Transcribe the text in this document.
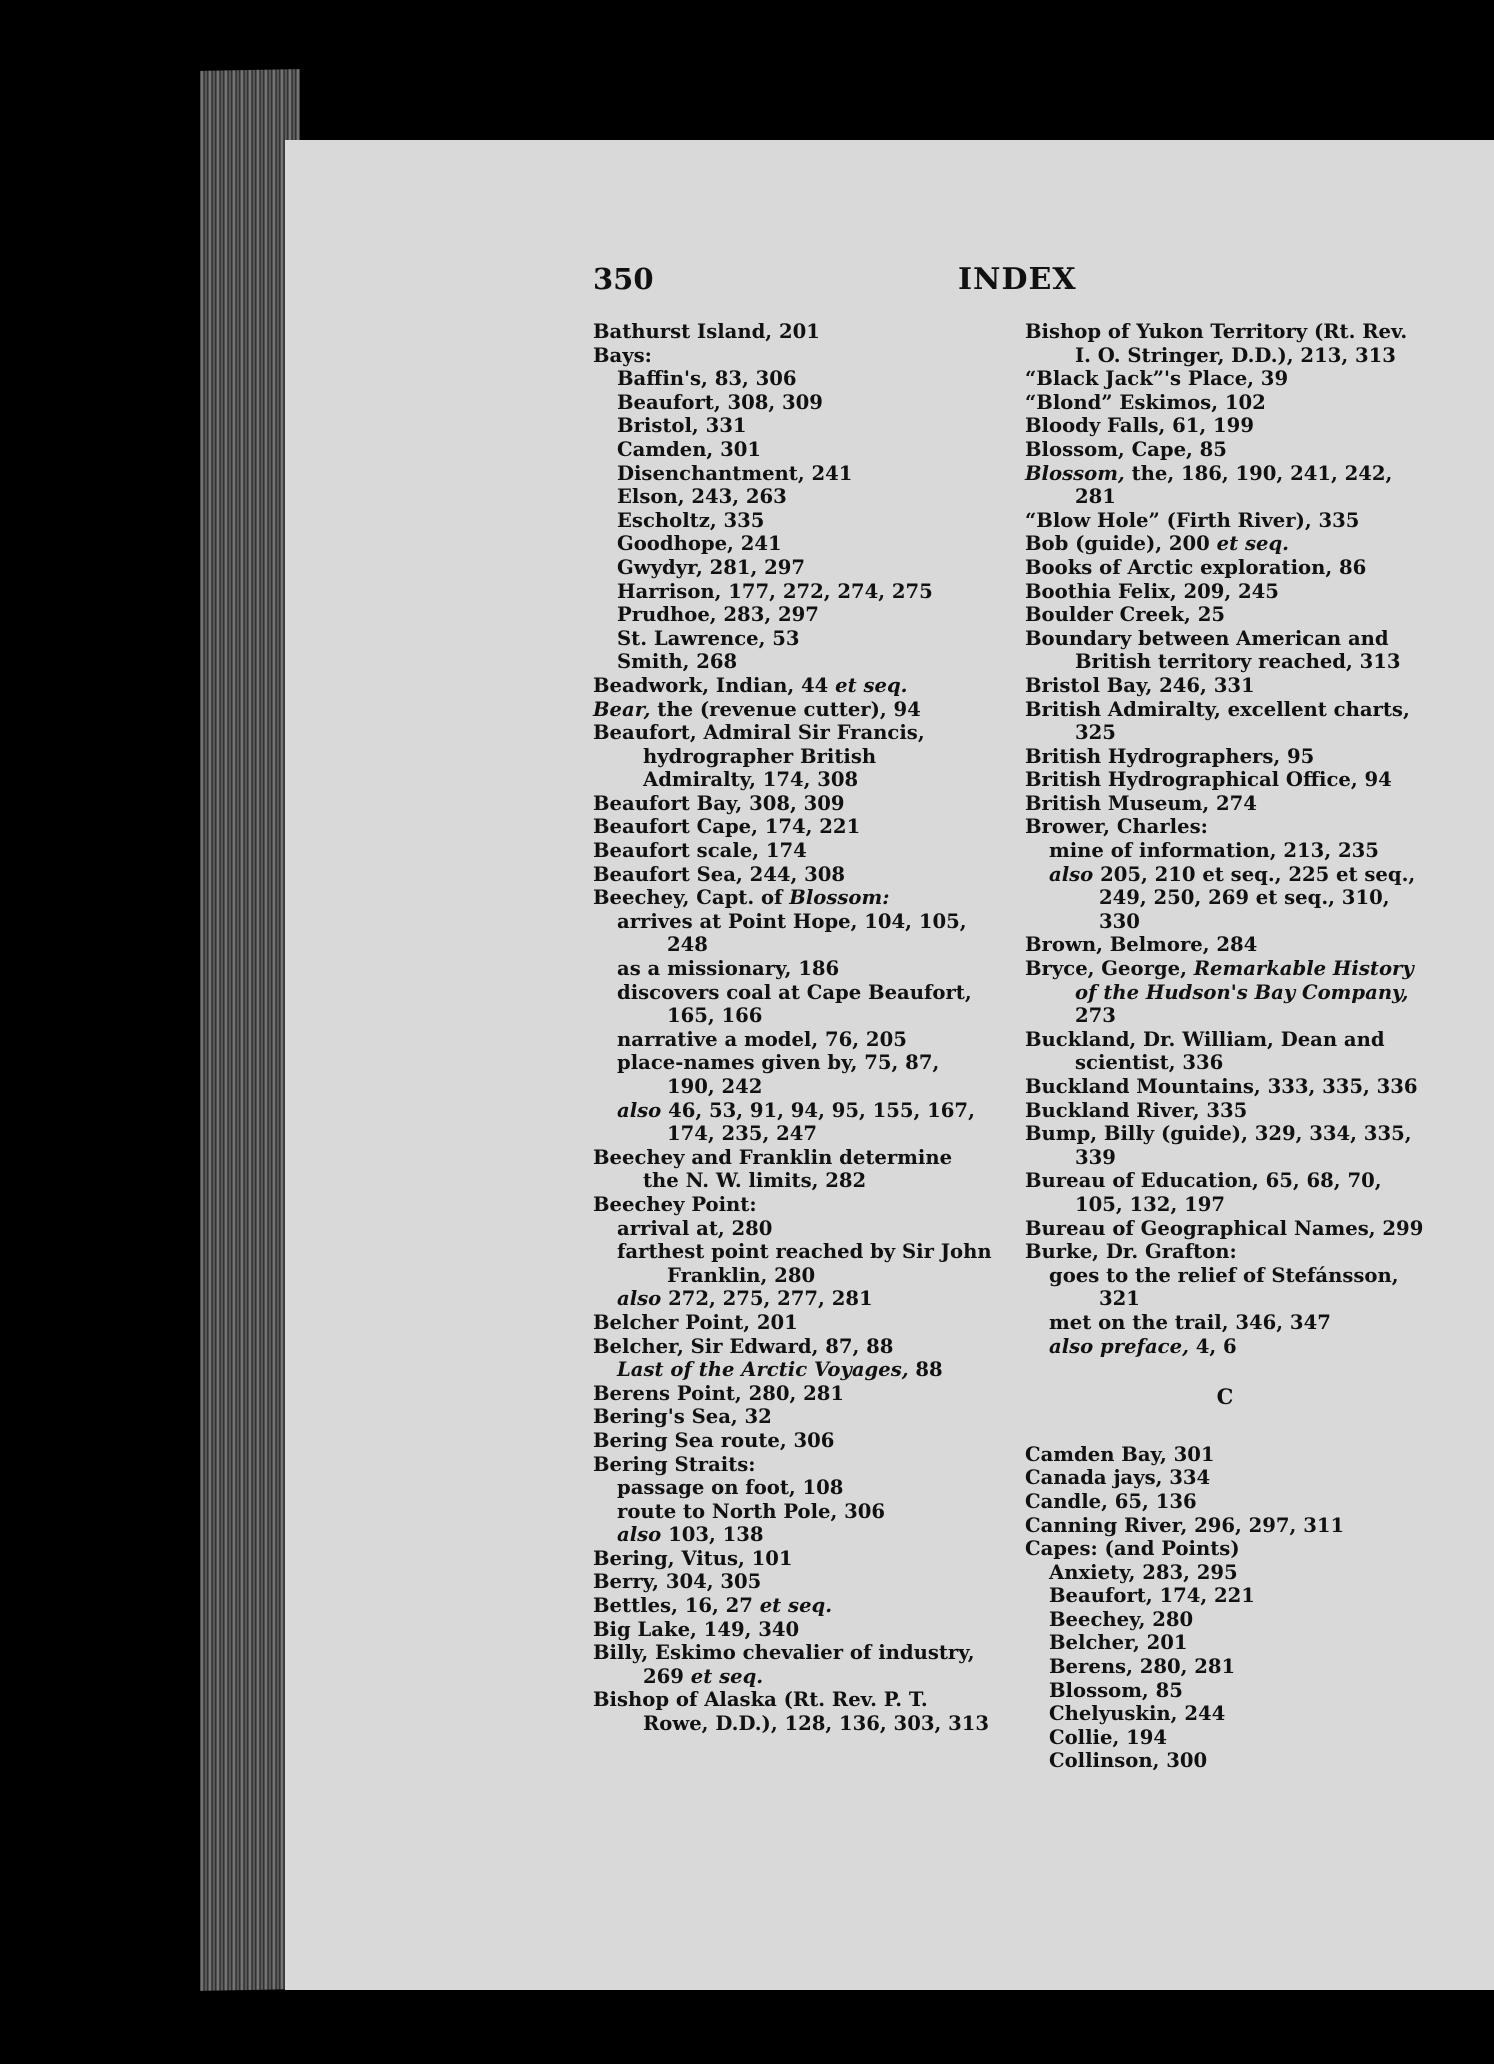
350	INDEX

Bathurst Island, 201

Bays:

Baffin's, 83, 306

Beaufort, 308, 309

Bristol, 331

Camden, 301

Disenchantment, 241

Elson, 243, 263

Escholtz, 335

Goodhope, 241

Gwydyr, 281, 297

Harrison, 177, 272, 274, 275

Prudhoe, 283, 297

St. Lawrence, 53

Smith, 268

Beadwork, Indian, 44 et seq.

Bear, the (revenue cutter), 94

Beaufort, Admiral Sir Francis, hydrographer British Admiralty, 174, 308

Beaufort Bay, 308, 309

Beaufort Cape, 174, 221

Beaufort scale, 174

Beaufort Sea, 244, 308

Beechey, Capt. of Blossom:

arrives at Point Hope, 104, 105, 248

as a missionary, 186

discovers coal at Cape Beaufort, 165, 166

narrative a model, 76, 205

place-names given by, 75, 87, 190, 242

also 46, 53, 91, 94, 95, 155, 167, 174, 235, 247

Beechey and Franklin determine the N. W. limits, 282

Beechey Point:

arrival at, 280

farthest point reached by Sir John Franklin, 280

also 272, 275, 277, 281

Belcher Point, 201

Belcher, Sir Edward, 87, 88

Last of the Arctic Voyages, 88

Berens Point, 280, 281

Bering's Sea, 32

Bering Sea route, 306

Bering Straits:

passage on foot, 108

route to North Pole, 306

also 103, 138

Bering, Vitus, 101

Berry, 304, 305

Bettles, 16, 27 et seq.

Big Lake, 149, 340

Billy, Eskimo chevalier of industry, 269 et seq.

Bishop of Alaska (Rt. Rev. P. T. Rowe, D.D.), 128, 136, 303, 313

Bishop of Yukon Territory (Rt. Rev. I. O. Stringer, D.D.), 213, 313

“Black Jack”'s Place, 39

“Blond” Eskimos, 102

Bloody Falls, 61, 199

Blossom, Cape, 85

Blossom, the, 186, 190, 241, 242, 281

“Blow Hole” (Firth River), 335

Bob (guide), 200 et seq.

Books of Arctic exploration, 86

Boothia Felix, 209, 245

Boulder Creek, 25

Boundary between American and British territory reached, 313

Bristol Bay, 246, 331

British Admiralty, excellent charts, 325

British Hydrographers, 95

British Hydrographical Office, 94

British Museum, 274

Brower, Charles:

mine of information, 213, 235

also 205, 210 et seq., 225 et seq., 249, 250, 269 et seq., 310, 330

Brown, Belmore, 284

Bryce, George, Remarkable History of the Hudson's Bay Company, 273

Buckland, Dr. William, Dean and scientist, 336

Buckland Mountains, 333, 335, 336

Buckland River, 335

Bump, Billy (guide), 329, 334, 335, 339

Bureau of Education, 65, 68, 70, 105, 132, 197

Bureau of Geographical Names, 299

Burke, Dr. Grafton:

goes to the relief of Stefánsson, 321

met on the trail, 346, 347

also preface, 4, 6

C

Camden Bay, 301

Canada jays, 334

Candle, 65, 136

Canning River, 296, 297, 311

Capes: (and Points)

Anxiety, 283, 295

Beaufort, 174, 221

Beechey, 280

Belcher, 201

Berens, 280, 281

Blossom, 85

Chelyuskin, 244

Collie, 194

Collinson, 300
